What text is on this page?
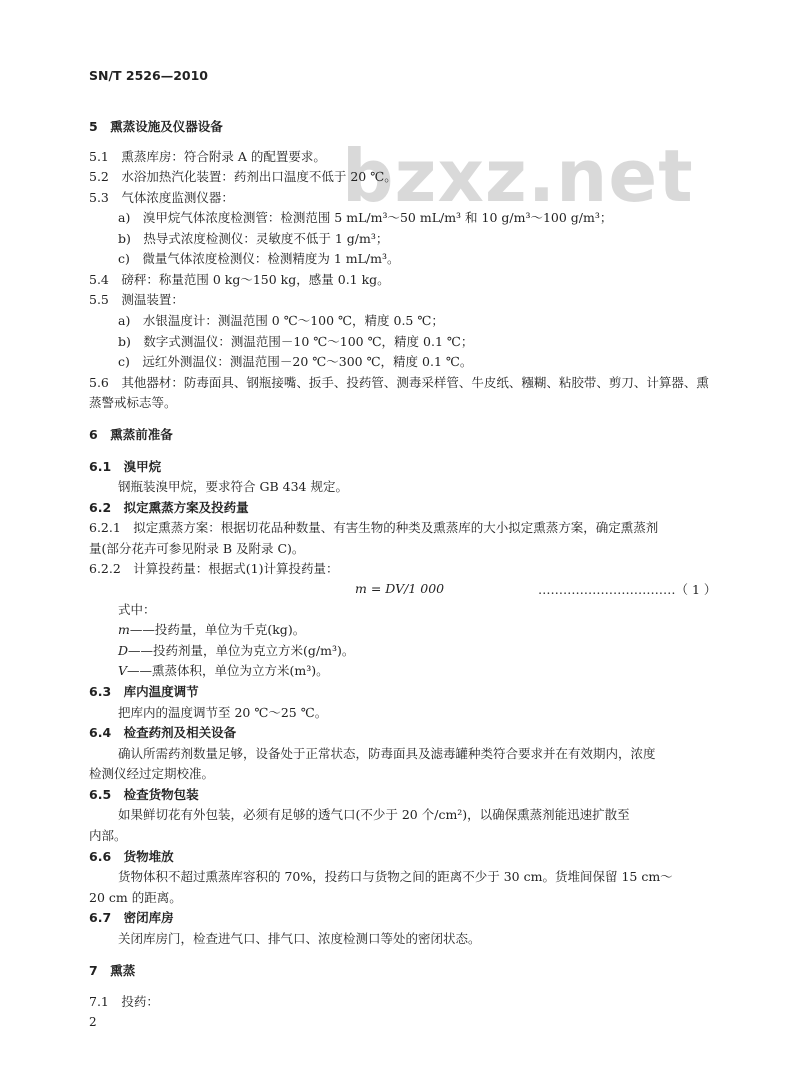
bzxz.net
SN/T 2526—2010
5　熏蒸设施及仪器设备
5.1　熏蒸库房：符合附录 A 的配置要求。
5.2　水浴加热汽化装置：药剂出口温度不低于 20 ℃。
5.3　气体浓度监测仪器：
a)　溴甲烷气体浓度检测管：检测范围 5 mL/m³～50 mL/m³ 和 10 g/m³～100 g/m³；
b)　热导式浓度检测仪：灵敏度不低于 1 g/m³；
c)　微量气体浓度检测仪：检测精度为 1 mL/m³。
5.4　磅秤：称量范围 0 kg～150 kg，感量 0.1 kg。
5.5　测温装置：
a)　水银温度计：测温范围 0 ℃～100 ℃，精度 0.5 ℃；
b)　数字式测温仪：测温范围－10 ℃～100 ℃，精度 0.1 ℃；
c)　远红外测温仪：测温范围－20 ℃～300 ℃，精度 0.1 ℃。
5.6　其他器材：防毒面具、钢瓶接嘴、扳手、投药管、测毒采样管、牛皮纸、糨糊、粘胶带、剪刀、计算器、熏
蒸警戒标志等。
6　熏蒸前准备
6.1　溴甲烷
钢瓶装溴甲烷，要求符合 GB 434 规定。
6.2　拟定熏蒸方案及投药量
6.2.1　拟定熏蒸方案：根据切花品种数量、有害生物的种类及熏蒸库的大小拟定熏蒸方案，确定熏蒸剂
量(部分花卉可参见附录 B 及附录 C)。
6.2.2　计算投药量：根据式(1)计算投药量：
式中：
6.3　库内温度调节
把库内的温度调节至 20 ℃～25 ℃。
6.4　检查药剂及相关设备
确认所需药剂数量足够，设备处于正常状态，防毒面具及滤毒罐种类符合要求并在有效期内，浓度
检测仪经过定期校准。
6.5　检查货物包装
如果鲜切花有外包装，必须有足够的透气口(不少于 20 个/cm²)，以确保熏蒸剂能迅速扩散至
内部。
6.6　货物堆放
货物体积不超过熏蒸库容积的 70%，投药口与货物之间的距离不少于 30 cm。货堆间保留 15 cm～
20 cm 的距离。
6.7　密闭库房
关闭库房门，检查进气口、排气口、浓度检测口等处的密闭状态。
7　熏蒸
7.1　投药：
m = DV/1 000	……………………………（ 1 ）
m——投药量，单位为千克(kg)。
D——投药剂量，单位为克立方米(g/m³)。
V——熏蒸体积，单位为立方米(m³)。
2
